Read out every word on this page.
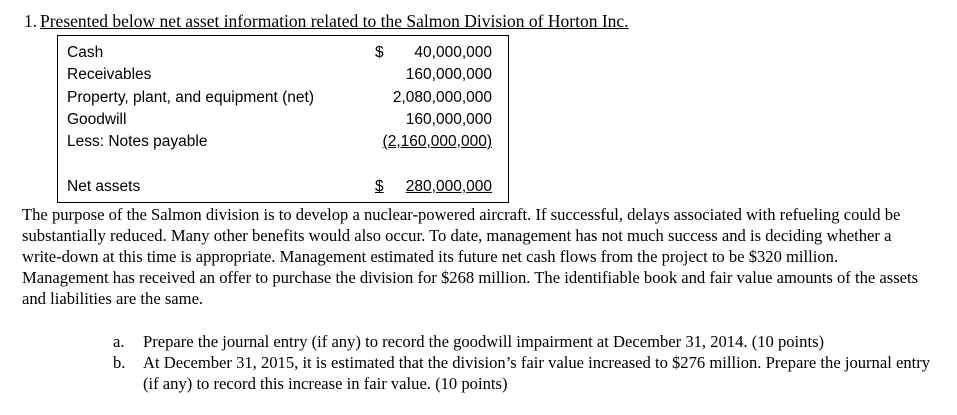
1. Presented below net asset information related to the Salmon Division of Horton Inc.
Cash	$ 40,000,000
Receivables	160,000,000
Property, plant, and equipment (net)	2,080,000,000
Goodwill	160,000,000
Less: Notes payable	(2,160,000,000)
Net assets	$ 280,000,000
The purpose of the Salmon division is to develop a nuclear-powered aircraft. If successful, delays associated with refueling could be substantially reduced. Many other benefits would also occur. To date, management has not much success and is deciding whether a write-down at this time is appropriate. Management estimated its future net cash flows from the project to be $320 million. Management has received an offer to purchase the division for $268 million. The identifiable book and fair value amounts of the assets and liabilities are the same.
a. Prepare the journal entry (if any) to record the goodwill impairment at December 31, 2014. (10 points)
b. At December 31, 2015, it is estimated that the division’s fair value increased to $276 million. Prepare the journal entry (if any) to record this increase in fair value. (10 points)
